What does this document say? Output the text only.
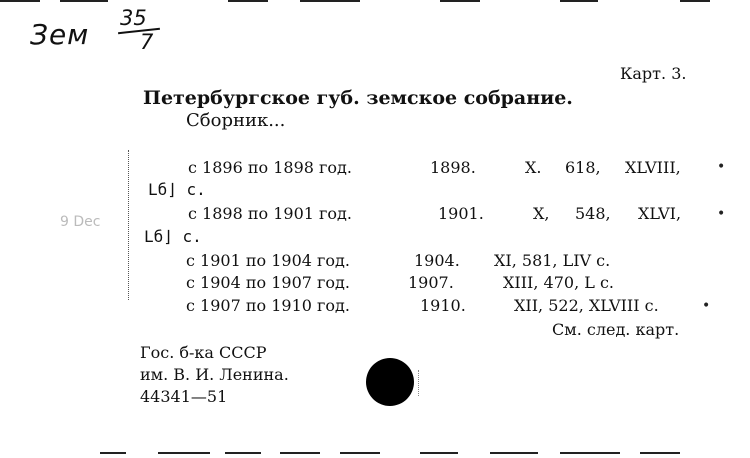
Зем 35
7
Карт. 3.
Петербургское губ. земское собрание.
Сборник...
9 Dec
с 1896 по 1898 год.	1898.	X. 618, XLVIII,	•
Lб⌋ с.
с 1898 по 1901 год.	1901.	X, 548, XLVI,	•
Lб⌋ с.
с 1901 по 1904 год.	1904. XI, 581, LIV с.
с 1904 по 1907 год.	1907.	XIII, 470, L с.
с 1907 по 1910 год.	1910.	XII, 522, XLVIII с.	•
См. след. карт.
Гос. б-ка СССР
им. В. И. Ленина.
44341—51
